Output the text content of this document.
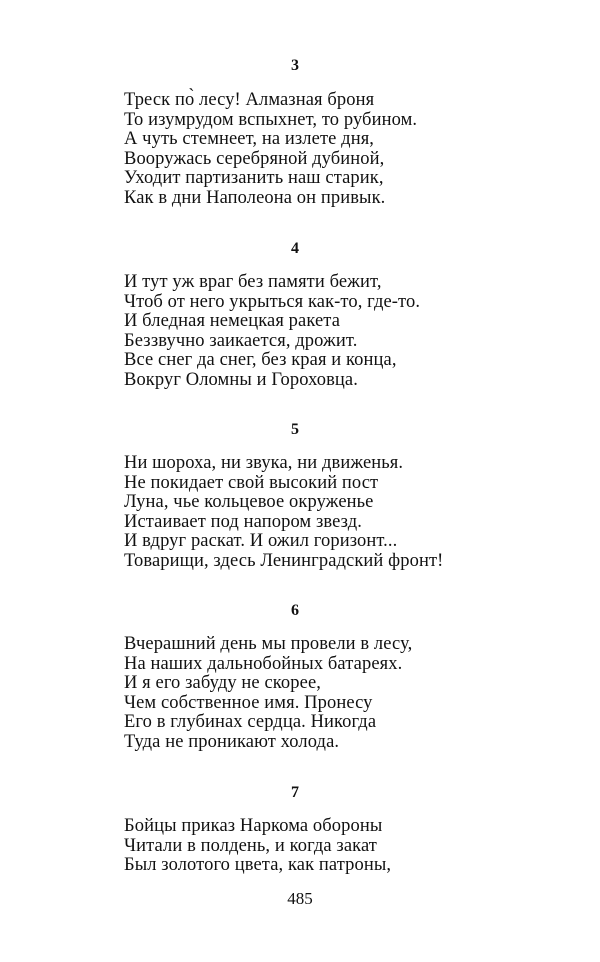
3
Треск по̀ лесу! Алмазная броня
То изумрудом вспыхнет, то рубином.
А чуть стемнеет, на излете дня,
Вооружась серебряной дубиной,
Уходит партизанить наш старик,
Как в дни Наполеона он привык.
4
И тут уж враг без памяти бежит,
Чтоб от него укрыться как-то, где-то.
И бледная немецкая ракета
Беззвучно заикается, дрожит.
Все снег да снег, без края и конца,
Вокруг Оломны и Гороховца.
5
Ни шороха, ни звука, ни движенья.
Не покидает свой высокий пост
Луна, чье кольцевое окруженье
Истаивает под напором звезд.
И вдруг раскат. И ожил горизонт...
Товарищи, здесь Ленинградский фронт!
6
Вчерашний день мы провели в лесу,
На наших дальнобойных батареях.
И я его забуду не скорее,
Чем собственное имя. Пронесу
Его в глубинах сердца. Никогда
Туда не проникают холода.
7
Бойцы приказ Наркома обороны
Читали в полдень, и когда закат
Был золотого цвета, как патроны,
485
